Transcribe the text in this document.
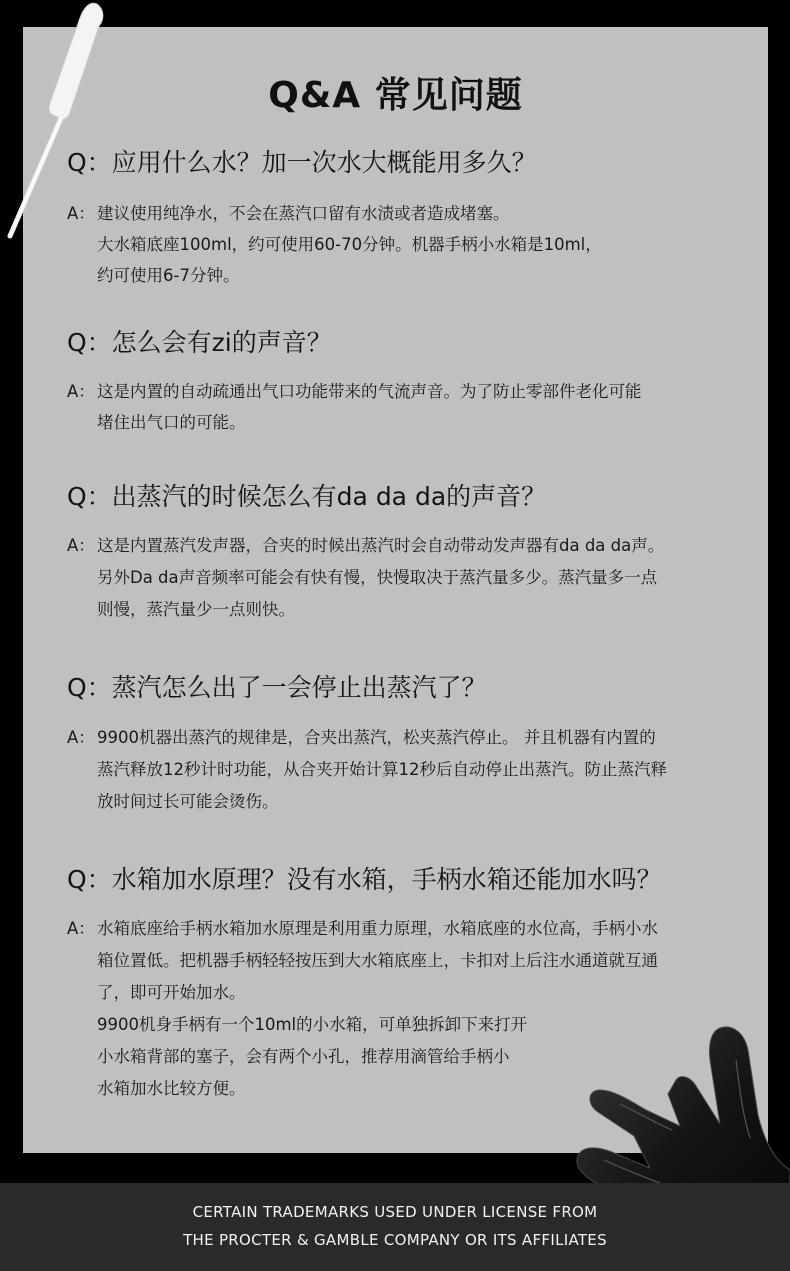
Q&A 常见问题
Q：应用什么水？加一次水大概能用多久？
A： 建议使用纯净水，不会在蒸汽口留有水渍或者造成堵塞。
大水箱底座100ml，约可使用60-70分钟。机器手柄小水箱是10ml，
约可使用6-7分钟。
Q：怎么会有zi的声音？
A： 这是内置的自动疏通出气口功能带来的气流声音。为了防止零部件老化可能
堵住出气口的可能。
Q：出蒸汽的时候怎么有da da da的声音？
A： 这是内置蒸汽发声器，合夹的时候出蒸汽时会自动带动发声器有da da da声。
另外Da da声音频率可能会有快有慢，快慢取决于蒸汽量多少。蒸汽量多一点
则慢，蒸汽量少一点则快。
Q：蒸汽怎么出了一会停止出蒸汽了？
A： 9900机器出蒸汽的规律是，合夹出蒸汽，松夹蒸汽停止。 并且机器有内置的
蒸汽释放12秒计时功能，从合夹开始计算12秒后自动停止出蒸汽。防止蒸汽释
放时间过长可能会烫伤。
Q：水箱加水原理？没有水箱，手柄水箱还能加水吗？
A： 水箱底座给手柄水箱加水原理是利用重力原理，水箱底座的水位高，手柄小水
箱位置低。把机器手柄轻轻按压到大水箱底座上，卡扣对上后注水通道就互通
了，即可开始加水。
9900机身手柄有一个10ml的小水箱，可单独拆卸下来打开
小水箱背部的塞子，会有两个小孔，推荐用滴管给手柄小
水箱加水比较方便。
CERTAIN TRADEMARKS USED UNDER LICENSE FROM
THE PROCTER & GAMBLE COMPANY OR ITS AFFILIATES
